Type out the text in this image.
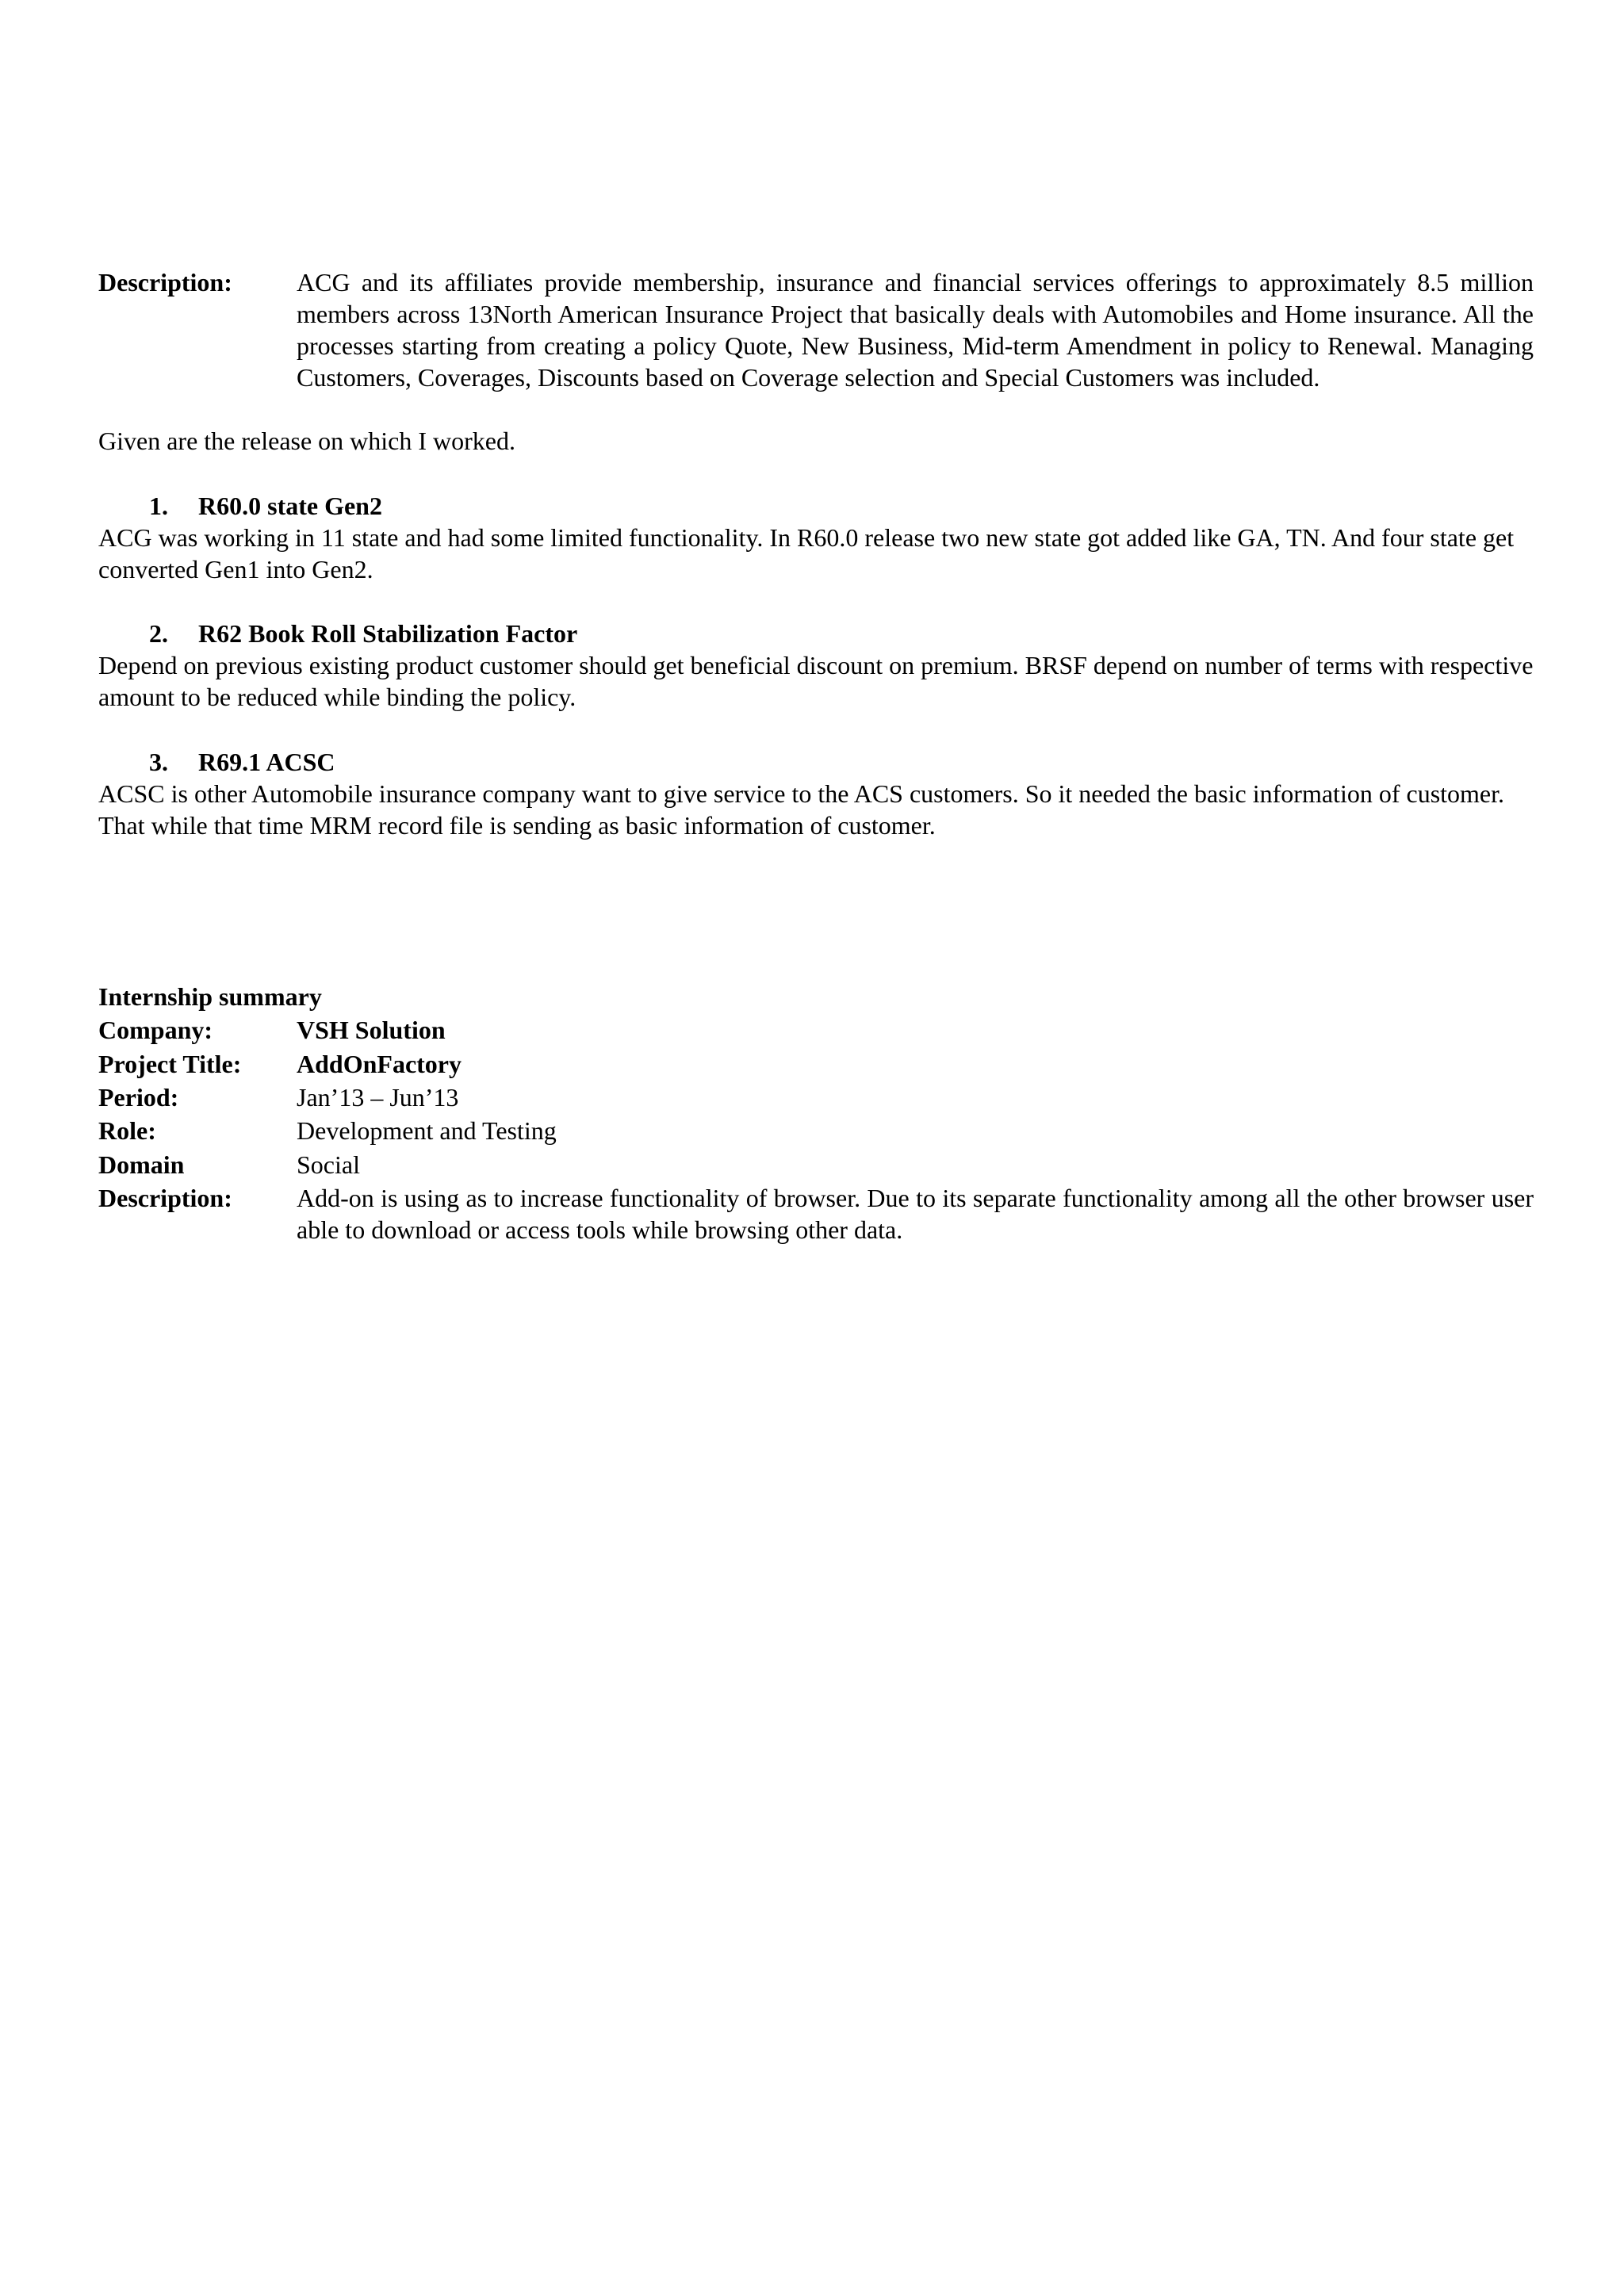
Description:	ACG and its affiliates provide membership, insurance and financial services offerings to approximately 8.5 million members across 13North American Insurance Project that basically deals with Automobiles and Home insurance. All the processes starting from creating a policy Quote, New Business, Mid-term Amendment in policy to Renewal. Managing Customers, Coverages, Discounts based on Coverage selection and Special Customers was included.
Given are the release on which I worked.
1. R60.0 state Gen2
ACG was working in 11 state and had some limited functionality. In R60.0 release two new state got added like GA, TN. And four state get converted Gen1 into Gen2.
2. R62 Book Roll Stabilization Factor
Depend on previous existing product customer should get beneficial discount on premium. BRSF depend on number of terms with respective amount to be reduced while binding the policy.
3. R69.1 ACSC
ACSC is other Automobile insurance company want to give service to the ACS customers. So it needed the basic information of customer. That while that time MRM record file is sending as basic information of customer.
Internship summary
Company:	VSH Solution
Project Title: AddOnFactory
Period:	Jan’13 – Jun’13
Role:	Development and Testing
Domain	Social
Description:	Add-on is using as to increase functionality of browser. Due to its separate functionality among all the other browser user able to download or access tools while browsing other data.
